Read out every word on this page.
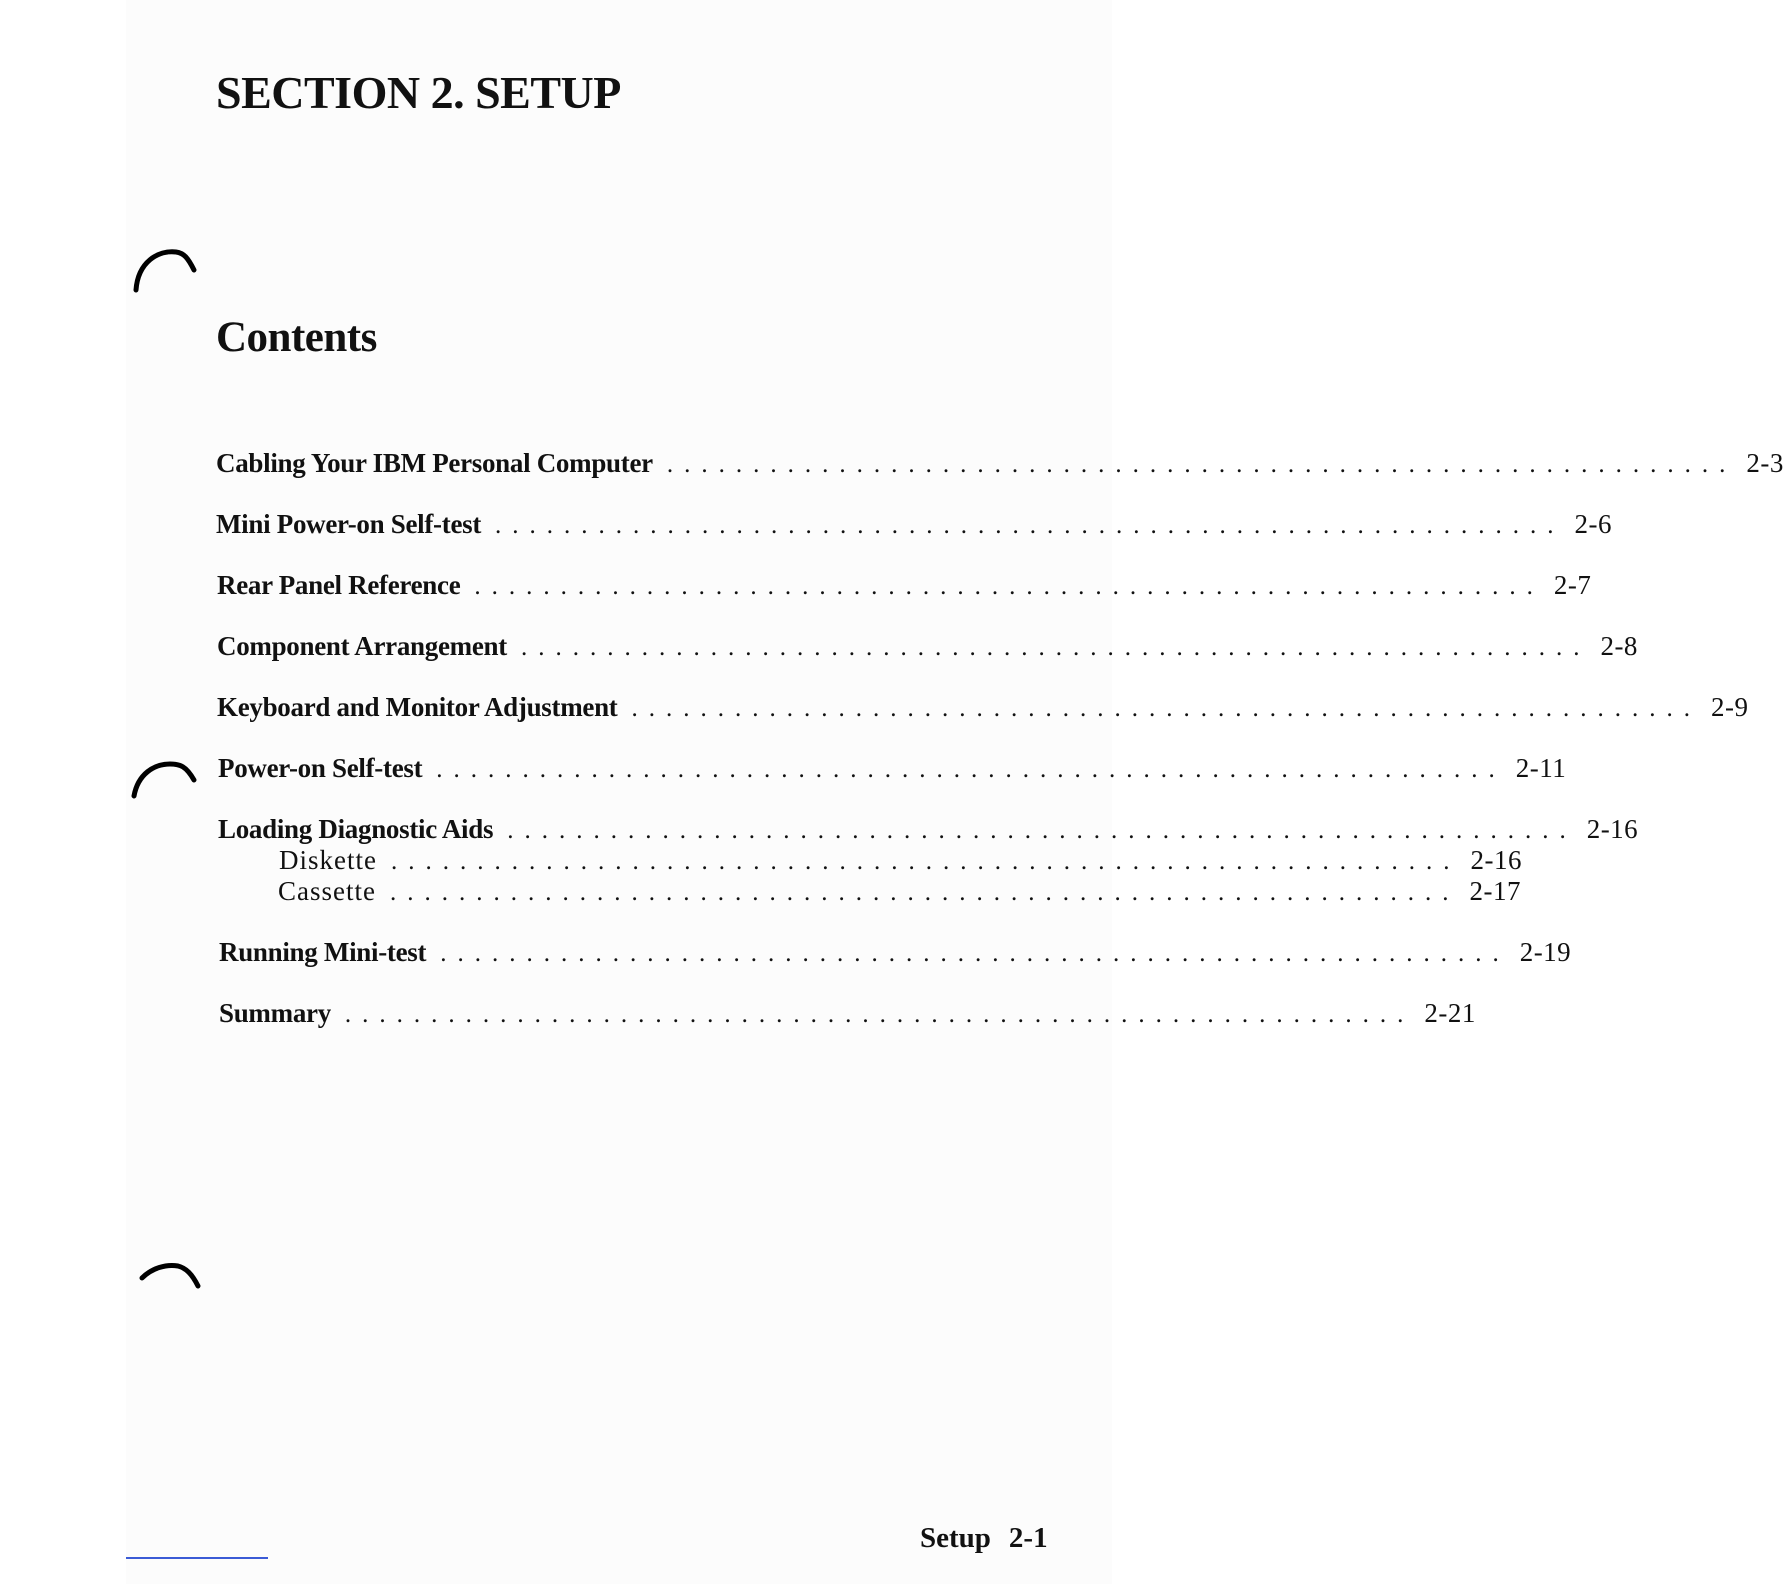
SECTION 2. SETUP
Contents
Cabling Your IBM Personal Computer .............................................................. 2-3
Mini Power-on Self-test .............................................................. 2-6
Rear Panel Reference .............................................................. 2-7
Component Arrangement .............................................................. 2-8
Keyboard and Monitor Adjustment .............................................................. 2-9
Power-on Self-test .............................................................. 2-11
Loading Diagnostic Aids .............................................................. 2-16
Diskette .............................................................. 2-16
Cassette .............................................................. 2-17
Running Mini-test .............................................................. 2-19
Summary .............................................................. 2-21
Setup 2-1
